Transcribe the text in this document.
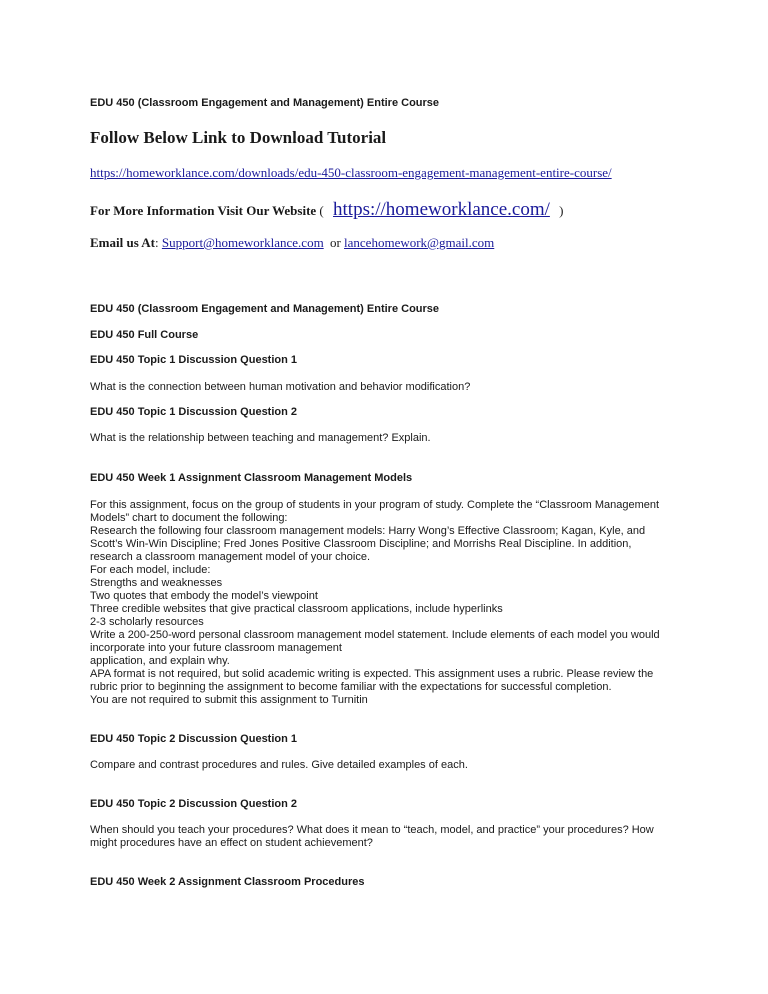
EDU 450 (Classroom Engagement and Management) Entire Course

Follow Below Link to Download Tutorial

https://homeworklance.com/downloads/edu-450-classroom-engagement-management-entire-course/

For More Information Visit Our Website ( https://homeworklance.com/ )

Email us At: Support@homeworklance.com or lancehomework@gmail.com

EDU 450 (Classroom Engagement and Management) Entire Course

EDU 450 Full Course

EDU 450 Topic 1 Discussion Question 1

What is the connection between human motivation and behavior modification?

EDU 450 Topic 1 Discussion Question 2

What is the relationship between teaching and management? Explain.

EDU 450 Week 1 Assignment Classroom Management Models

For this assignment, focus on the group of students in your program of study. Complete the “Classroom Management
Models” chart to document the following:
Research the following four classroom management models: Harry Wong’s Effective Classroom; Kagan, Kyle, and
Scott’s Win-Win Discipline; Fred Jones Positive Classroom Discipline; and Morrishs Real Discipline. In addition,
research a classroom management model of your choice.
For each model, include:
Strengths and weaknesses
Two quotes that embody the model’s viewpoint
Three credible websites that give practical classroom applications, include hyperlinks
2-3 scholarly resources
Write a 200-250-word personal classroom management model statement. Include elements of each model you would
incorporate into your future classroom management
application, and explain why.
APA format is not required, but solid academic writing is expected. This assignment uses a rubric. Please review the
rubric prior to beginning the assignment to become familiar with the expectations for successful completion.
You are not required to submit this assignment to Turnitin

EDU 450 Topic 2 Discussion Question 1

Compare and contrast procedures and rules. Give detailed examples of each.

EDU 450 Topic 2 Discussion Question 2

When should you teach your procedures? What does it mean to “teach, model, and practice” your procedures? How
might procedures have an effect on student achievement?

EDU 450 Week 2 Assignment Classroom Procedures
